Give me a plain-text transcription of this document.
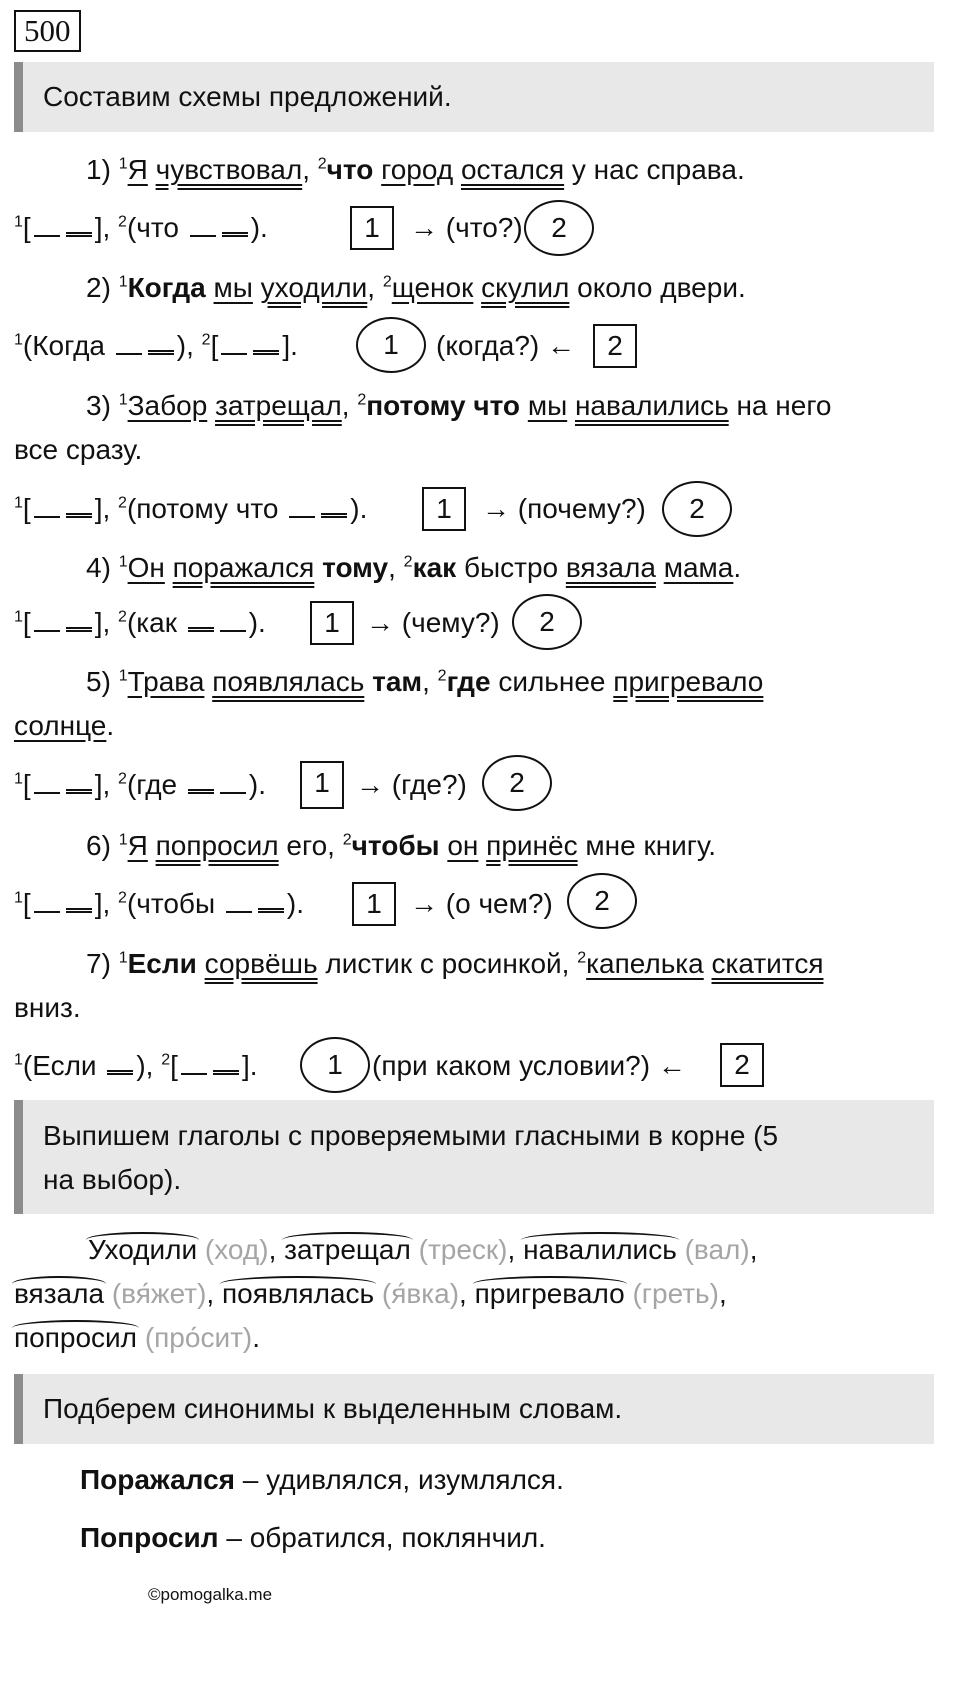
500
Составим схемы предложений.
1) $^1$Я чувствовал, $^2$что город остался у нас справа.
$^1$[ ], $^2$(что	).	1	→ (что?)	2
2) $^1$Когда мы уходили, $^2$щенок скулил около двери.
$^1$(Когда	), $^2$[ ].	1	(когда?) ←	2
3) $^1$Забор затрещал, $^2$потому что мы навалились на него
все сразу.
$^1$[ ], $^2$(потому что	).	1	→ (почему?)	2
4) $^1$Он поражался тому, $^2$как быстро вязала мама.
$^1$[ ], $^2$(как	).	1 → (чему?)	2
5) $^1$Трава появлялась там, $^2$где сильнее пригревало
солнце.
$^1$[ ], $^2$(где	).	1 → (где?)	2
6) $^1$Я попросил его, $^2$чтобы он принёс мне книгу.
$^1$[ ], $^2$(чтобы	).	1	→ (о чем?)	2
7) $^1$Если сорвёшь листик с росинкой, $^2$капелька скатится
вниз.
$^1$(Если ), $^2$[ ].	1	(при каком условии?) ←	2
Выпишем глаголы с проверяемыми гласными в корне (5
на выбор).
Уходили (ход), затрещал (треск), навалились (вал),
вязала (вя́жет), появлялась (я́вка), пригревало (греть),
попросил (про́сит).
Подберем синонимы к выделенным словам.
©pomogalka.me
Поражался – удивлялся, изумлялся.
Попросил – обратился, поклянчил.
